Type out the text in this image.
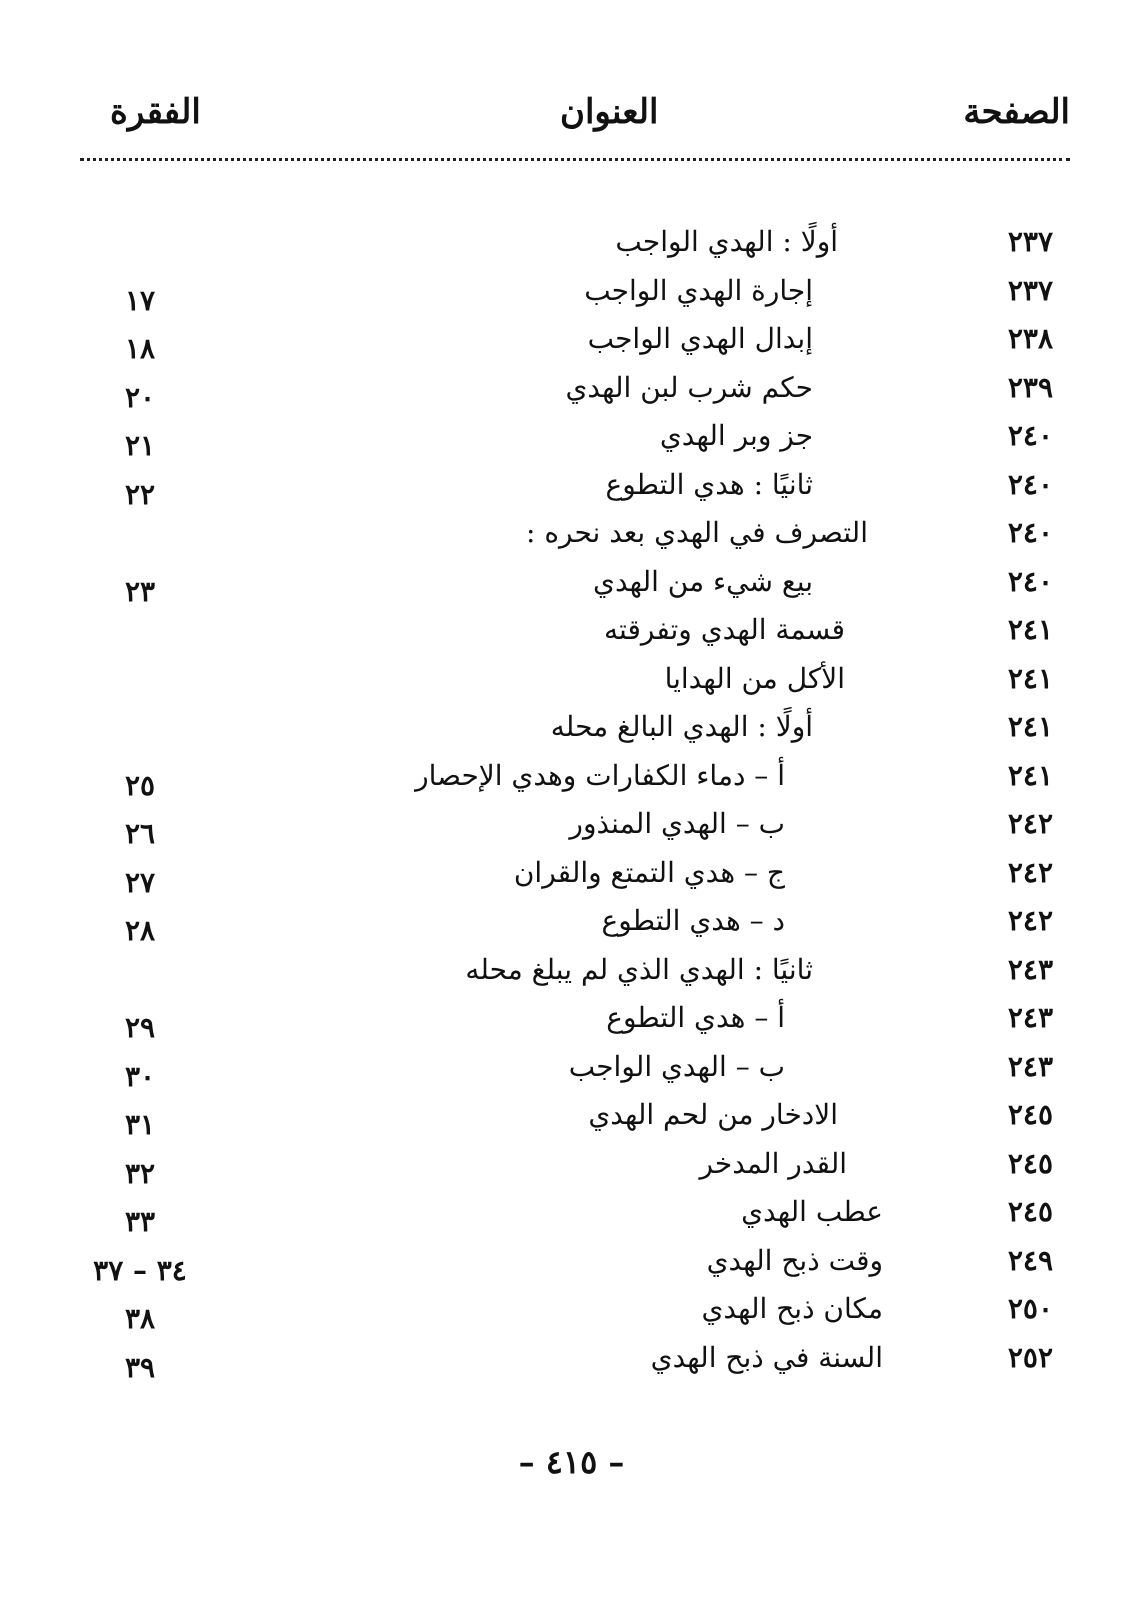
الصفحة
العنوان
الفقرة
٢٣٧
أولًا : الهدي الواجب
٢٣٧
إجارة الهدي الواجب
١٧
٢٣٨
إبدال الهدي الواجب
١٨
٢٣٩
حكم شرب لبن الهدي
٢٠
٢٤٠
جز وبر الهدي
٢١
٢٤٠
ثانيًا : هدي التطوع
٢٢
٢٤٠
التصرف في الهدي بعد نحره :
٢٤٠
بيع شيء من الهدي
٢٣
٢٤١
قسمة الهدي وتفرقته
٢٤١
الأكل من الهدايا
٢٤١
أولًا : الهدي البالغ محله
٢٤١
أ – دماء الكفارات وهدي الإحصار
٢٥
٢٤٢
ب – الهدي المنذور
٢٦
٢٤٢
ج – هدي التمتع والقران
٢٧
٢٤٢
د – هدي التطوع
٢٨
٢٤٣
ثانيًا : الهدي الذي لم يبلغ محله
٢٤٣
أ – هدي التطوع
٢٩
٢٤٣
ب – الهدي الواجب
٣٠
٢٤٥
الادخار من لحم الهدي
٣١
٢٤٥
القدر المدخر
٣٢
٢٤٥
عطب الهدي
٣٣
٢٤٩
وقت ذبح الهدي
٣٤ – ٣٧
٢٥٠
مكان ذبح الهدي
٣٨
٢٥٢
السنة في ذبح الهدي
٣٩
– ٤١٥ –
